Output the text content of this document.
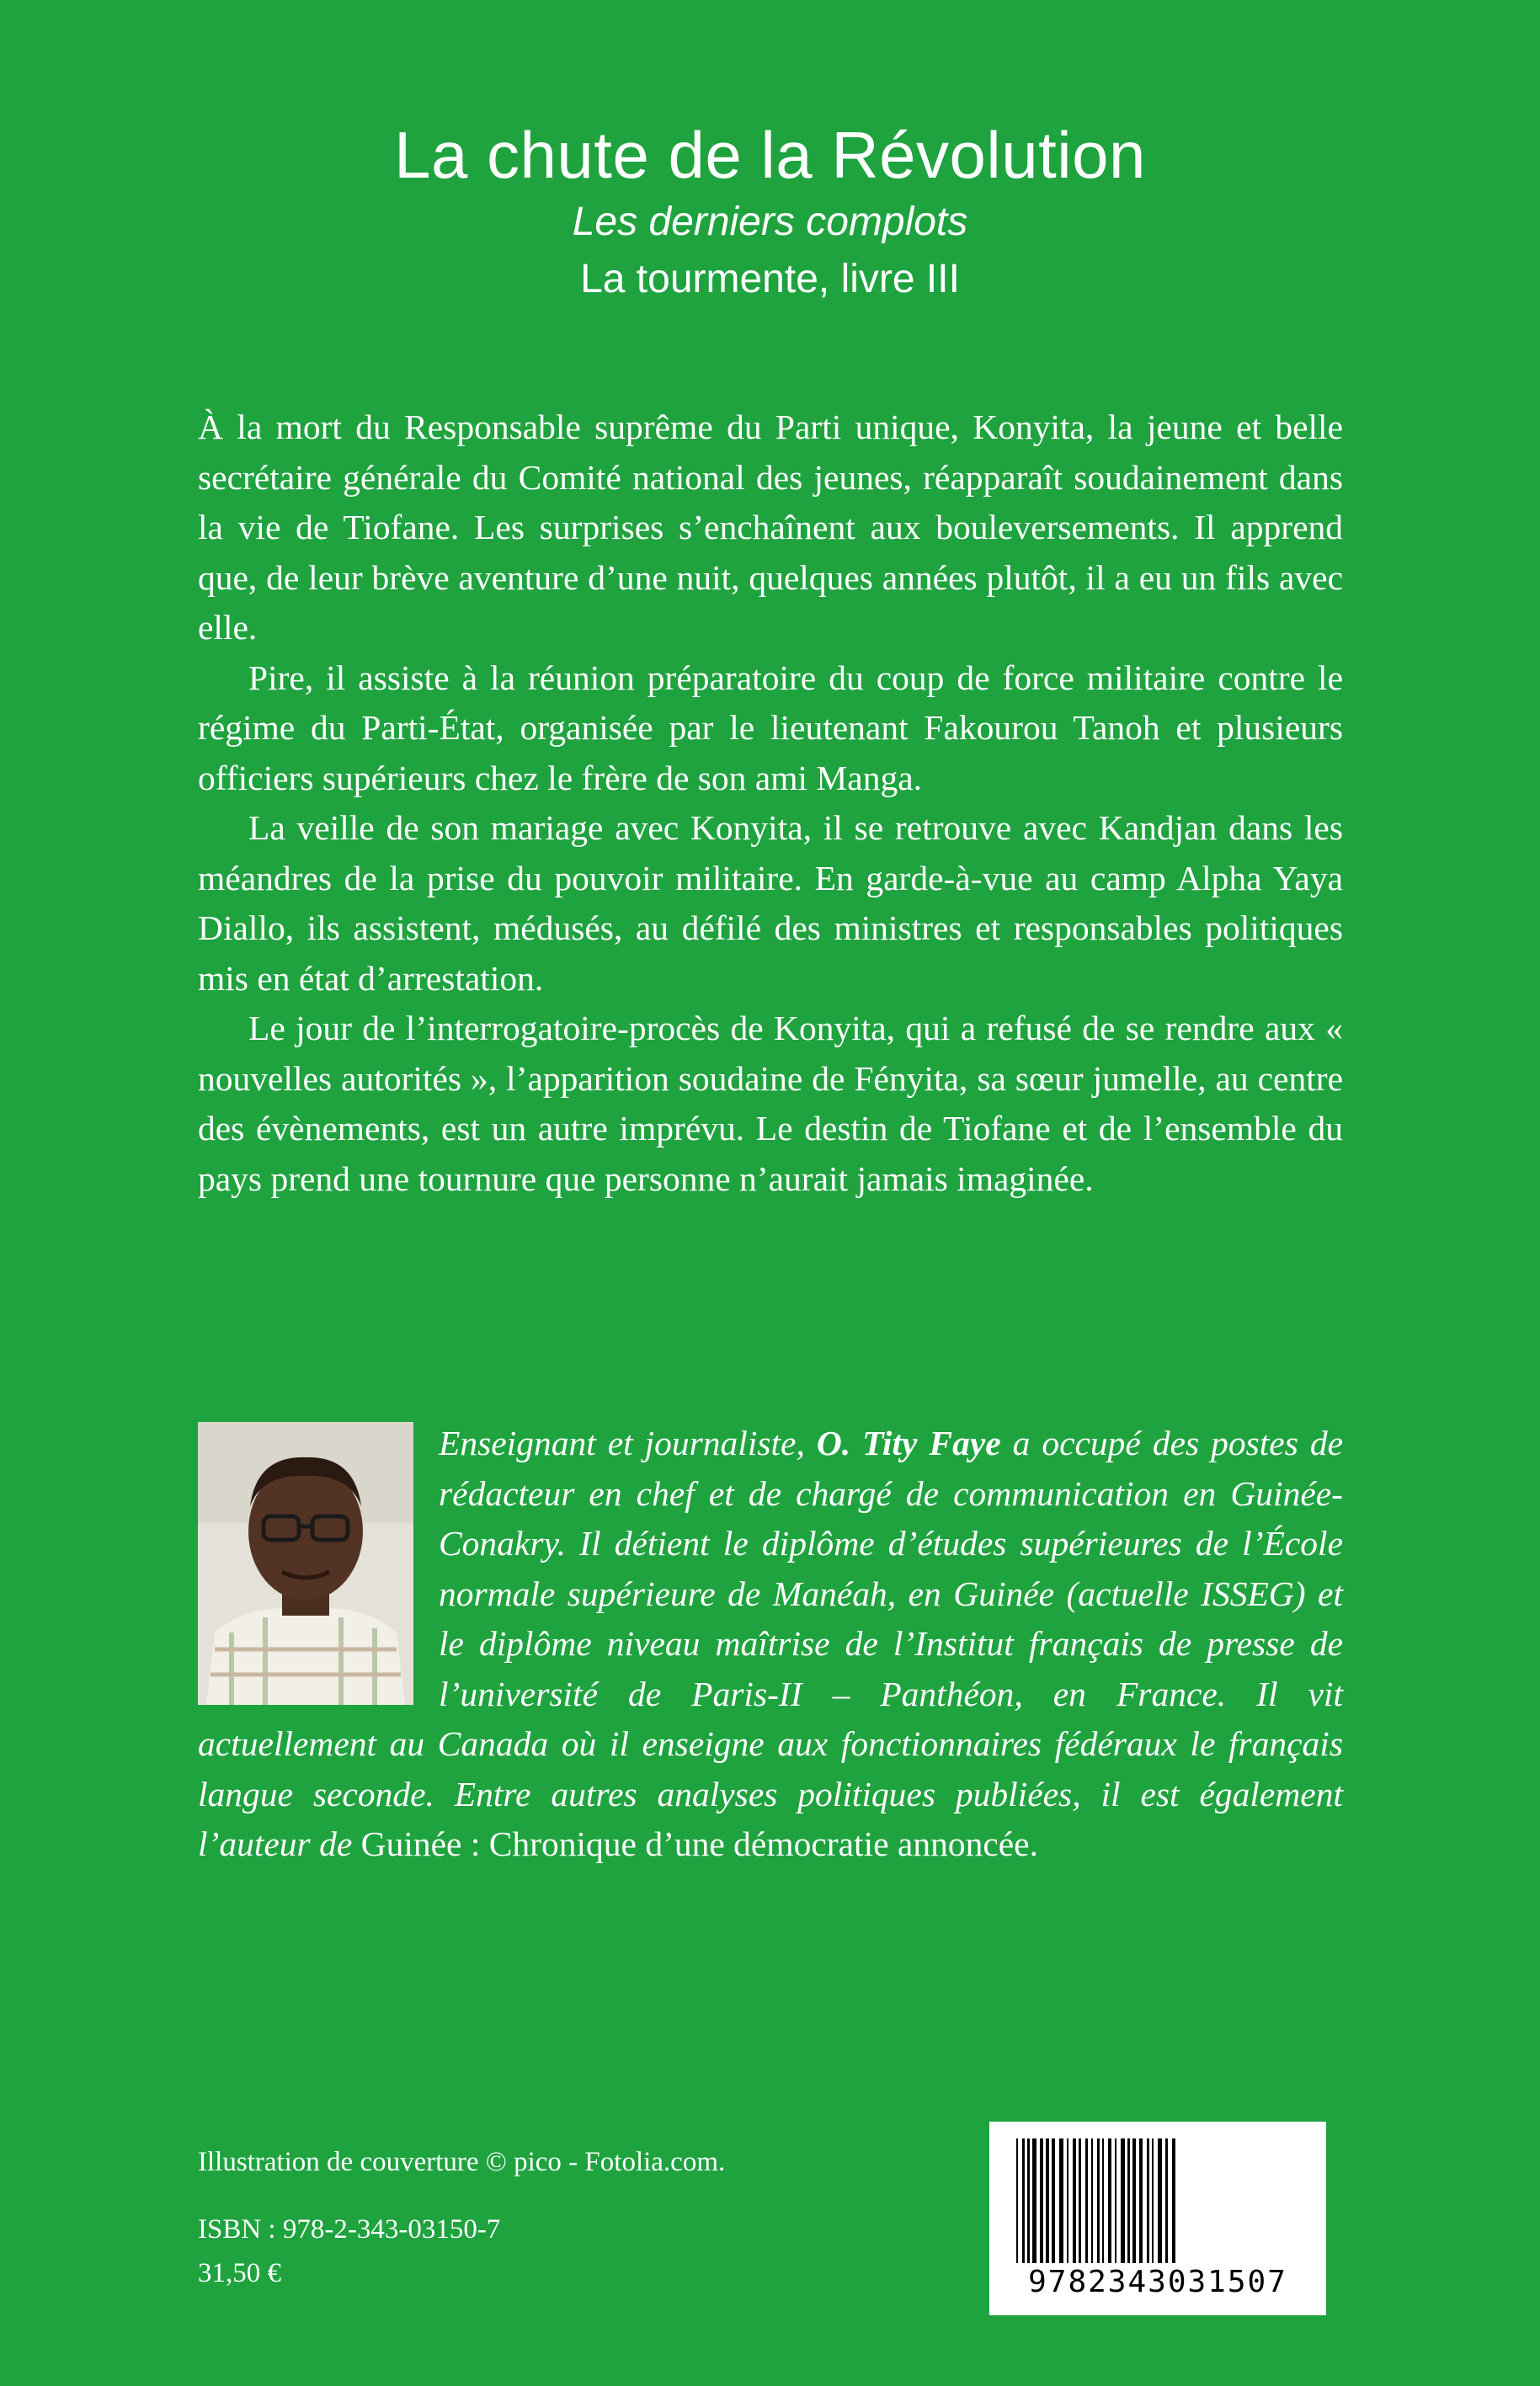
La chute de la Révolution
Les derniers complots
La tourmente, livre III

À la mort du Responsable suprême du Parti unique, Konyita, la jeune et belle secrétaire générale du Comité national des jeunes, réapparaît soudainement dans la vie de Tiofane. Les surprises s’enchaînent aux bouleversements. Il apprend que, de leur brève aventure d’une nuit, quelques années plutôt, il a eu un fils avec elle.

Pire, il assiste à la réunion préparatoire du coup de force militaire contre le régime du Parti-État, organisée par le lieutenant Fakourou Tanoh et plusieurs officiers supérieurs chez le frère de son ami Manga.

La veille de son mariage avec Konyita, il se retrouve avec Kandjan dans les méandres de la prise du pouvoir militaire. En garde-à-vue au camp Alpha Yaya Diallo, ils assistent, médusés, au défilé des ministres et responsables politiques mis en état d’arrestation.

Le jour de l’interrogatoire-procès de Konyita, qui a refusé de se rendre aux « nouvelles autorités », l’apparition soudaine de Fényita, sa sœur jumelle, au centre des évènements, est un autre imprévu. Le destin de Tiofane et de l’ensemble du pays prend une tournure que personne n’aurait jamais imaginée.

Enseignant et journaliste, O. Tity Faye a occupé des postes de rédacteur en chef et de chargé de communication en Guinée-Conakry. Il détient le diplôme d’études supérieures de l’École normale supérieure de Manéah, en Guinée (actuelle ISSEG) et le diplôme niveau maîtrise de l’Institut français de presse de l’université de Paris-II – Panthéon, en France. Il vit actuellement au Canada où il enseigne aux fonctionnaires fédéraux le français langue seconde. Entre autres analyses politiques publiées, il est également l’auteur de Guinée : Chronique d’une démocratie annoncée.
Illustration de couverture © pico - Fotolia.com.
ISBN : 978-2-343-03150-7
31,50 €	9782343031507
